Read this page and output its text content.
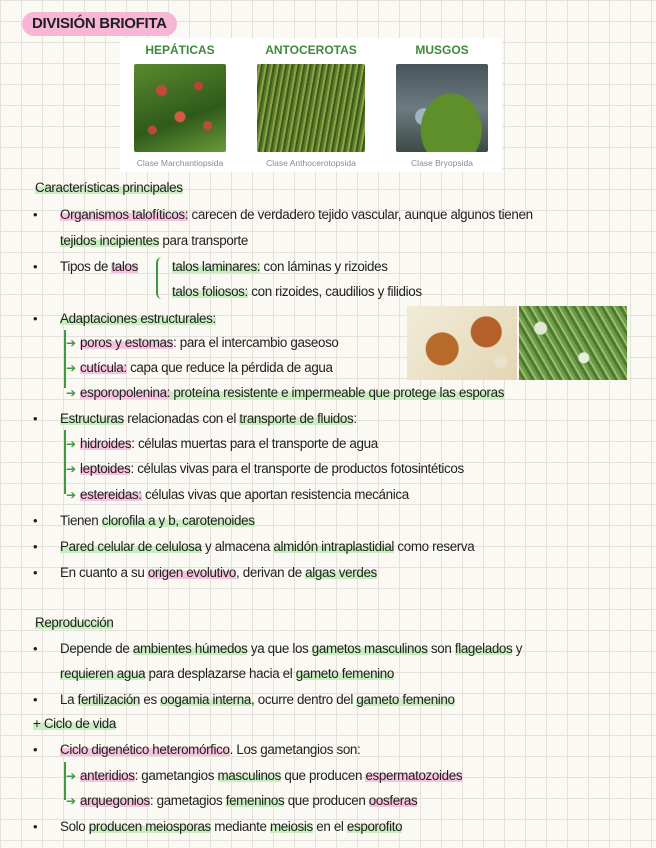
DIVISIÓN BRIOFITA
HEPÁTICAS
Clase Marchantiopsida
ANTOCEROTAS
Clase Anthocerotopsida
MUSGOS
Clase Bryopsida
Características principales
• Organismos talofíticos: carecen de verdadero tejido vascular, aunque algunos tienen
tejidos incipientes para transporte
• Tipos de talos	talos laminares: con láminas y rizoides
talos foliosos: con rizoides, caudilios y filidios
• Adaptaciones estructurales:
➔ poros y estomas: para el intercambio gaseoso
➔ cutícula: capa que reduce la pérdida de agua
➔ esporopolenina: proteína resistente e impermeable que protege las esporas
• Estructuras relacionadas con el transporte de fluidos:
➔ hidroides: células muertas para el transporte de agua
➔ leptoides: células vivas para el transporte de productos fotosintéticos
➔ estereidas: células vivas que aportan resistencia mecánica
• Tienen clorofila a y b, carotenoides
• Pared celular de celulosa y almacena almidón intraplastidial como reserva
• En cuanto a su origen evolutivo, derivan de algas verdes
Reproducción
• Depende de ambientes húmedos ya que los gametos masculinos son flagelados y
requieren agua para desplazarse hacia el gameto femenino
• La fertilización es oogamia interna, ocurre dentro del gameto femenino
+ Ciclo de vida
• Ciclo digenético heteromórfico. Los gametangios son:
➔ anteridios: gametangios masculinos que producen espermatozoides
➔ arquegonios: gametagios femeninos que producen oosferas
• Solo producen meiosporas mediante meiosis en el esporofito
